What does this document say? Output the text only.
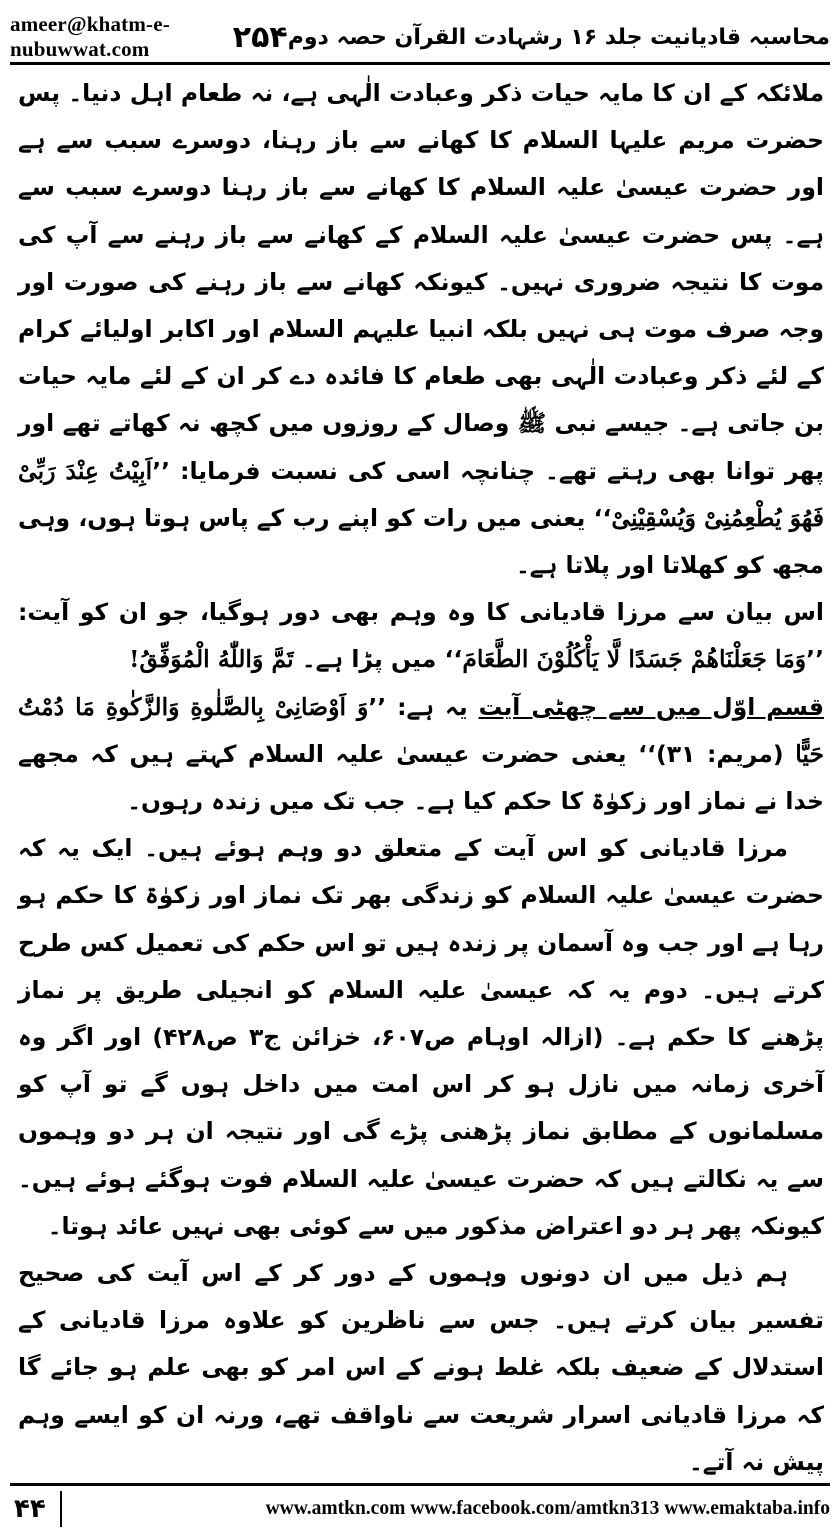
ameer@khatm-e-nubuwwat.com	۲۵۴ محاسبہ قادیانیت جلد ۱۶ رشہادت القرآن حصہ دوم

ملائکہ کے ان کا مایہ حیات ذکر وعبادت الٰہی ہے، نہ طعام اہل دنیا۔ پس حضرت مریم علیہا السلام کا کھانے سے باز رہنا، دوسرے سبب سے ہے اور حضرت عیسیٰ علیہ السلام کا کھانے سے باز رہنا دوسرے سبب سے ہے۔ پس حضرت عیسیٰ علیہ السلام کے کھانے سے باز رہنے سے آپ کی موت کا نتیجہ ضروری نہیں۔ کیونکہ کھانے سے باز رہنے کی صورت اور وجہ صرف موت ہی نہیں بلکہ انبیا علیہم السلام اور اکابر اولیائے کرام کے لئے ذکر وعبادت الٰہی بھی طعام کا فائدہ دے کر ان کے لئے مایہ حیات بن جاتی ہے۔ جیسے نبی ﷺ وصال کے روزوں میں کچھ نہ کھاتے تھے اور پھر توانا بھی رہتے تھے۔ چنانچہ اسی کی نسبت فرمایا: ’’اَبِیْتُ عِنْدَ رَبِّیْ فَهُوَ یُطْعِمُنِیْ وَیُسْقِیْنِیْ‘‘ یعنی میں رات کو اپنے رب کے پاس ہوتا ہوں، وہی مجھ کو کھلاتا اور پلاتا ہے۔

اس بیان سے مرزا قادیانی کا وہ وہم بھی دور ہوگیا، جو ان کو آیت: ’’وَمَا جَعَلْنَاهُمْ جَسَدًا لَّا یَأْكُلُوْنَ الطَّعَامَ‘‘ میں پڑا ہے۔ تَمَّ وَاللّٰهُ الْمُوَفِّقُ!

قسم اوّل میں سے چھٹی آیت یہ ہے: ’’وَ اَوْصَانِیْ بِالصَّلٰوةِ وَالزَّكٰوةِ مَا دُمْتُ حَیًّا (مریم: ۳۱)‘‘ یعنی حضرت عیسیٰ علیہ السلام کہتے ہیں کہ مجھے خدا نے نماز اور زکوٰۃ کا حکم کیا ہے۔ جب تک میں زندہ رہوں۔

مرزا قادیانی کو اس آیت کے متعلق دو وہم ہوئے ہیں۔ ایک یہ کہ حضرت عیسیٰ علیہ السلام کو زندگی بھر تک نماز اور زکوٰۃ کا حکم ہو رہا ہے اور جب وہ آسمان پر زندہ ہیں تو اس حکم کی تعمیل کس طرح کرتے ہیں۔ دوم یہ کہ عیسیٰ علیہ السلام کو انجیلی طریق پر نماز پڑھنے کا حکم ہے۔ (ازالہ اوہام ص۶۰۷، خزائن ج۳ ص۴۲۸) اور اگر وہ آخری زمانہ میں نازل ہو کر اس امت میں داخل ہوں گے تو آپ کو مسلمانوں کے مطابق نماز پڑھنی پڑے گی اور نتیجہ ان ہر دو وہموں سے یہ نکالتے ہیں کہ حضرت عیسیٰ علیہ السلام فوت ہوگئے ہوئے ہیں۔ کیونکہ پھر ہر دو اعتراض مذکور میں سے کوئی بھی نہیں عائد ہوتا۔

ہم ذیل میں ان دونوں وہموں کے دور کر کے اس آیت کی صحیح تفسیر بیان کرتے ہیں۔ جس سے ناظرین کو علاوہ مرزا قادیانی کے استدلال کے ضعیف بلکہ غلط ہونے کے اس امر کو بھی علم ہو جائے گا کہ مرزا قادیانی اسرار شریعت سے ناواقف تھے، ورنہ ان کو ایسے وہم پیش نہ آتے۔

۴۴	www.amtkn.com www.facebook.com/amtkn313 www.emaktaba.info
